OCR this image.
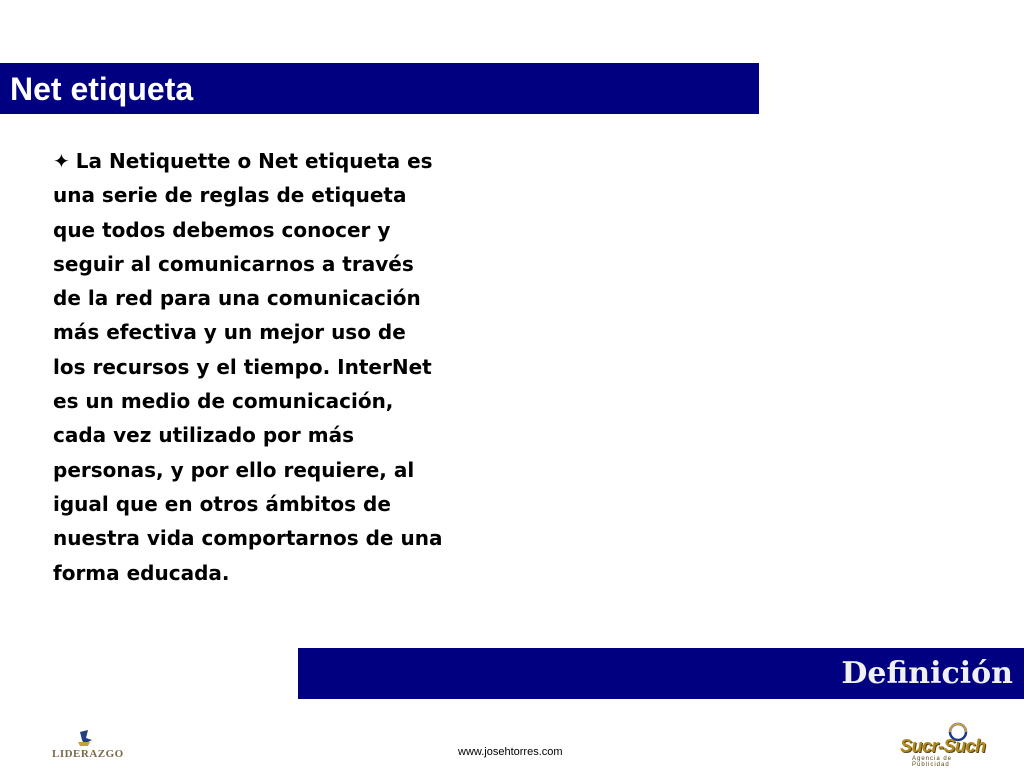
Net etiqueta
✦ La Netiquette o Net etiqueta es una serie de reglas de etiqueta que todos debemos conocer y seguir al comunicarnos a través de la red para una comunicación más efectiva y un mejor uso de los recursos y el tiempo. InterNet es un medio de comunicación, cada vez utilizado por más personas, y por ello requiere, al igual que en otros ámbitos de nuestra vida comportarnos de una forma educada.
Definición
LIDERAZGO	www.josehtorres.com	Sucr-Such
Agencia de Publicidad
